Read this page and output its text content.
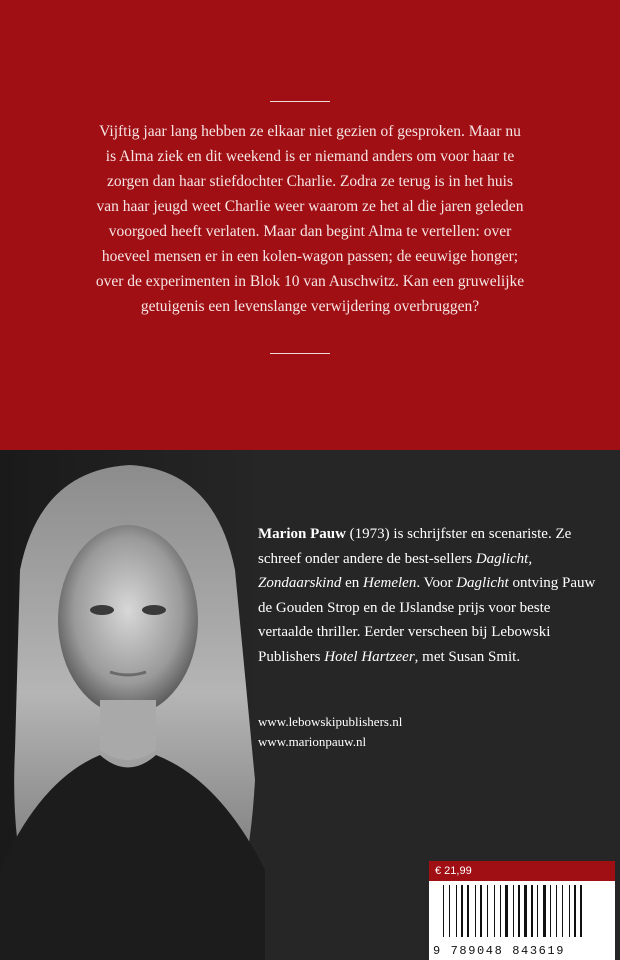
Vijftig jaar lang hebben ze elkaar niet gezien of gesproken. Maar nu is Alma ziek en dit weekend is er niemand anders om voor haar te zorgen dan haar stiefdochter Charlie. Zodra ze terug is in het huis van haar jeugd weet Charlie weer waarom ze het al die jaren geleden voorgoed heeft verlaten. Maar dan begint Alma te vertellen: over hoeveel mensen er in een kolen-wagon passen; de eeuwige honger; over de experimenten in Blok 10 van Auschwitz. Kan een gruwelijke getuigenis een levenslange verwijdering overbruggen?
Marion Pauw (1973) is schrijfster en scenariste. Ze schreef onder andere de best-sellers Daglicht, Zondaarskind en Hemelen. Voor Daglicht ontving Pauw de Gouden Strop en de IJslandse prijs voor beste vertaalde thriller. Eerder verscheen bij Lebowski Publishers Hotel Hartzeer, met Susan Smit.
www.lebowskipublishers.nl
www.marionpauw.nl
€ 21,99
9 789048 843619
